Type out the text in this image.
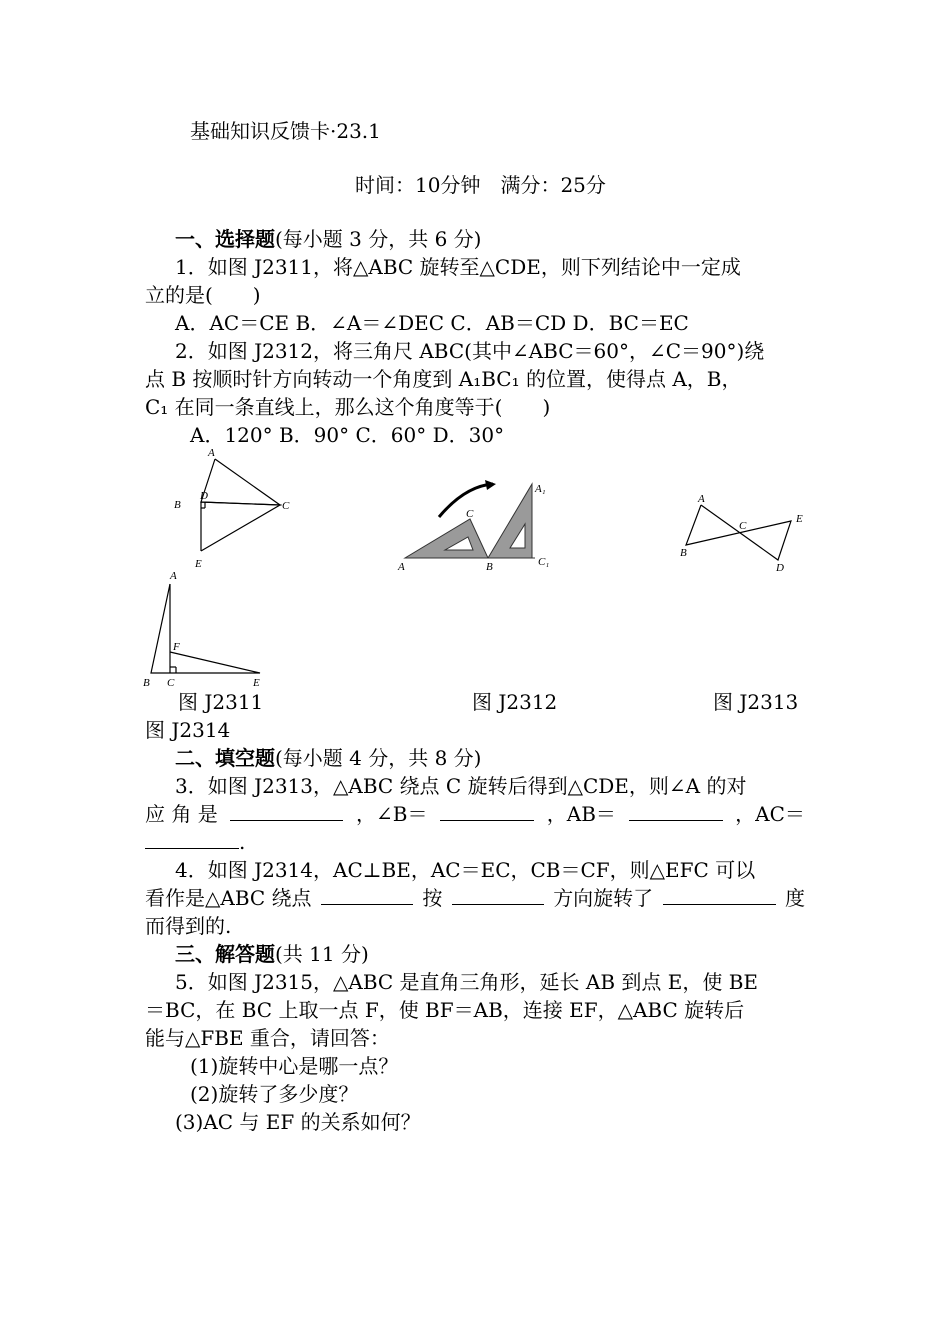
基础知识反馈卡·23.1
时间：10分钟　满分：25分
一、选择题(每小题 3 分，共 6 分)
1．如图 J2311，将△ABC 旋转至△CDE，则下列结论中一定成
立的是(　　)
A．AC＝CE B．∠A＝∠DEC C．AB＝CD D．BC＝EC
2．如图 J2312，将三角尺 ABC(其中∠ABC＝60°，∠C＝90°)绕
点 B 按顺时针方向转动一个角度到 A₁BC₁ 的位置，使得点 A，B，
C₁ 在同一条直线上，那么这个角度等于(　　)
A．120° B．90° C．60° D．30°
A
B
D
C
E	A	B
C
A₁
C₁
A
B
C
D
E
A
F
B C	E
图 J2311	图 J2312	图 J2313
图 J2314
二、填空题(每小题 4 分，共 8 分)
3．如图 J2313，△ABC 绕点 C 旋转后得到△CDE，则∠A 的对
应 角 是	，∠B＝	，AB＝	，AC＝
.
4．如图 J2314，AC⊥BE，AC＝EC，CB＝CF，则△EFC 可以
看作是△ABC 绕点	按	方向旋转了	度
而得到的.
三、解答题(共 11 分)
5．如图 J2315，△ABC 是直角三角形，延长 AB 到点 E，使 BE
＝BC，在 BC 上取一点 F，使 BF＝AB，连接 EF，△ABC 旋转后
能与△FBE 重合，请回答：
(1)旋转中心是哪一点？
(2)旋转了多少度？
(3)AC 与 EF 的关系如何？
